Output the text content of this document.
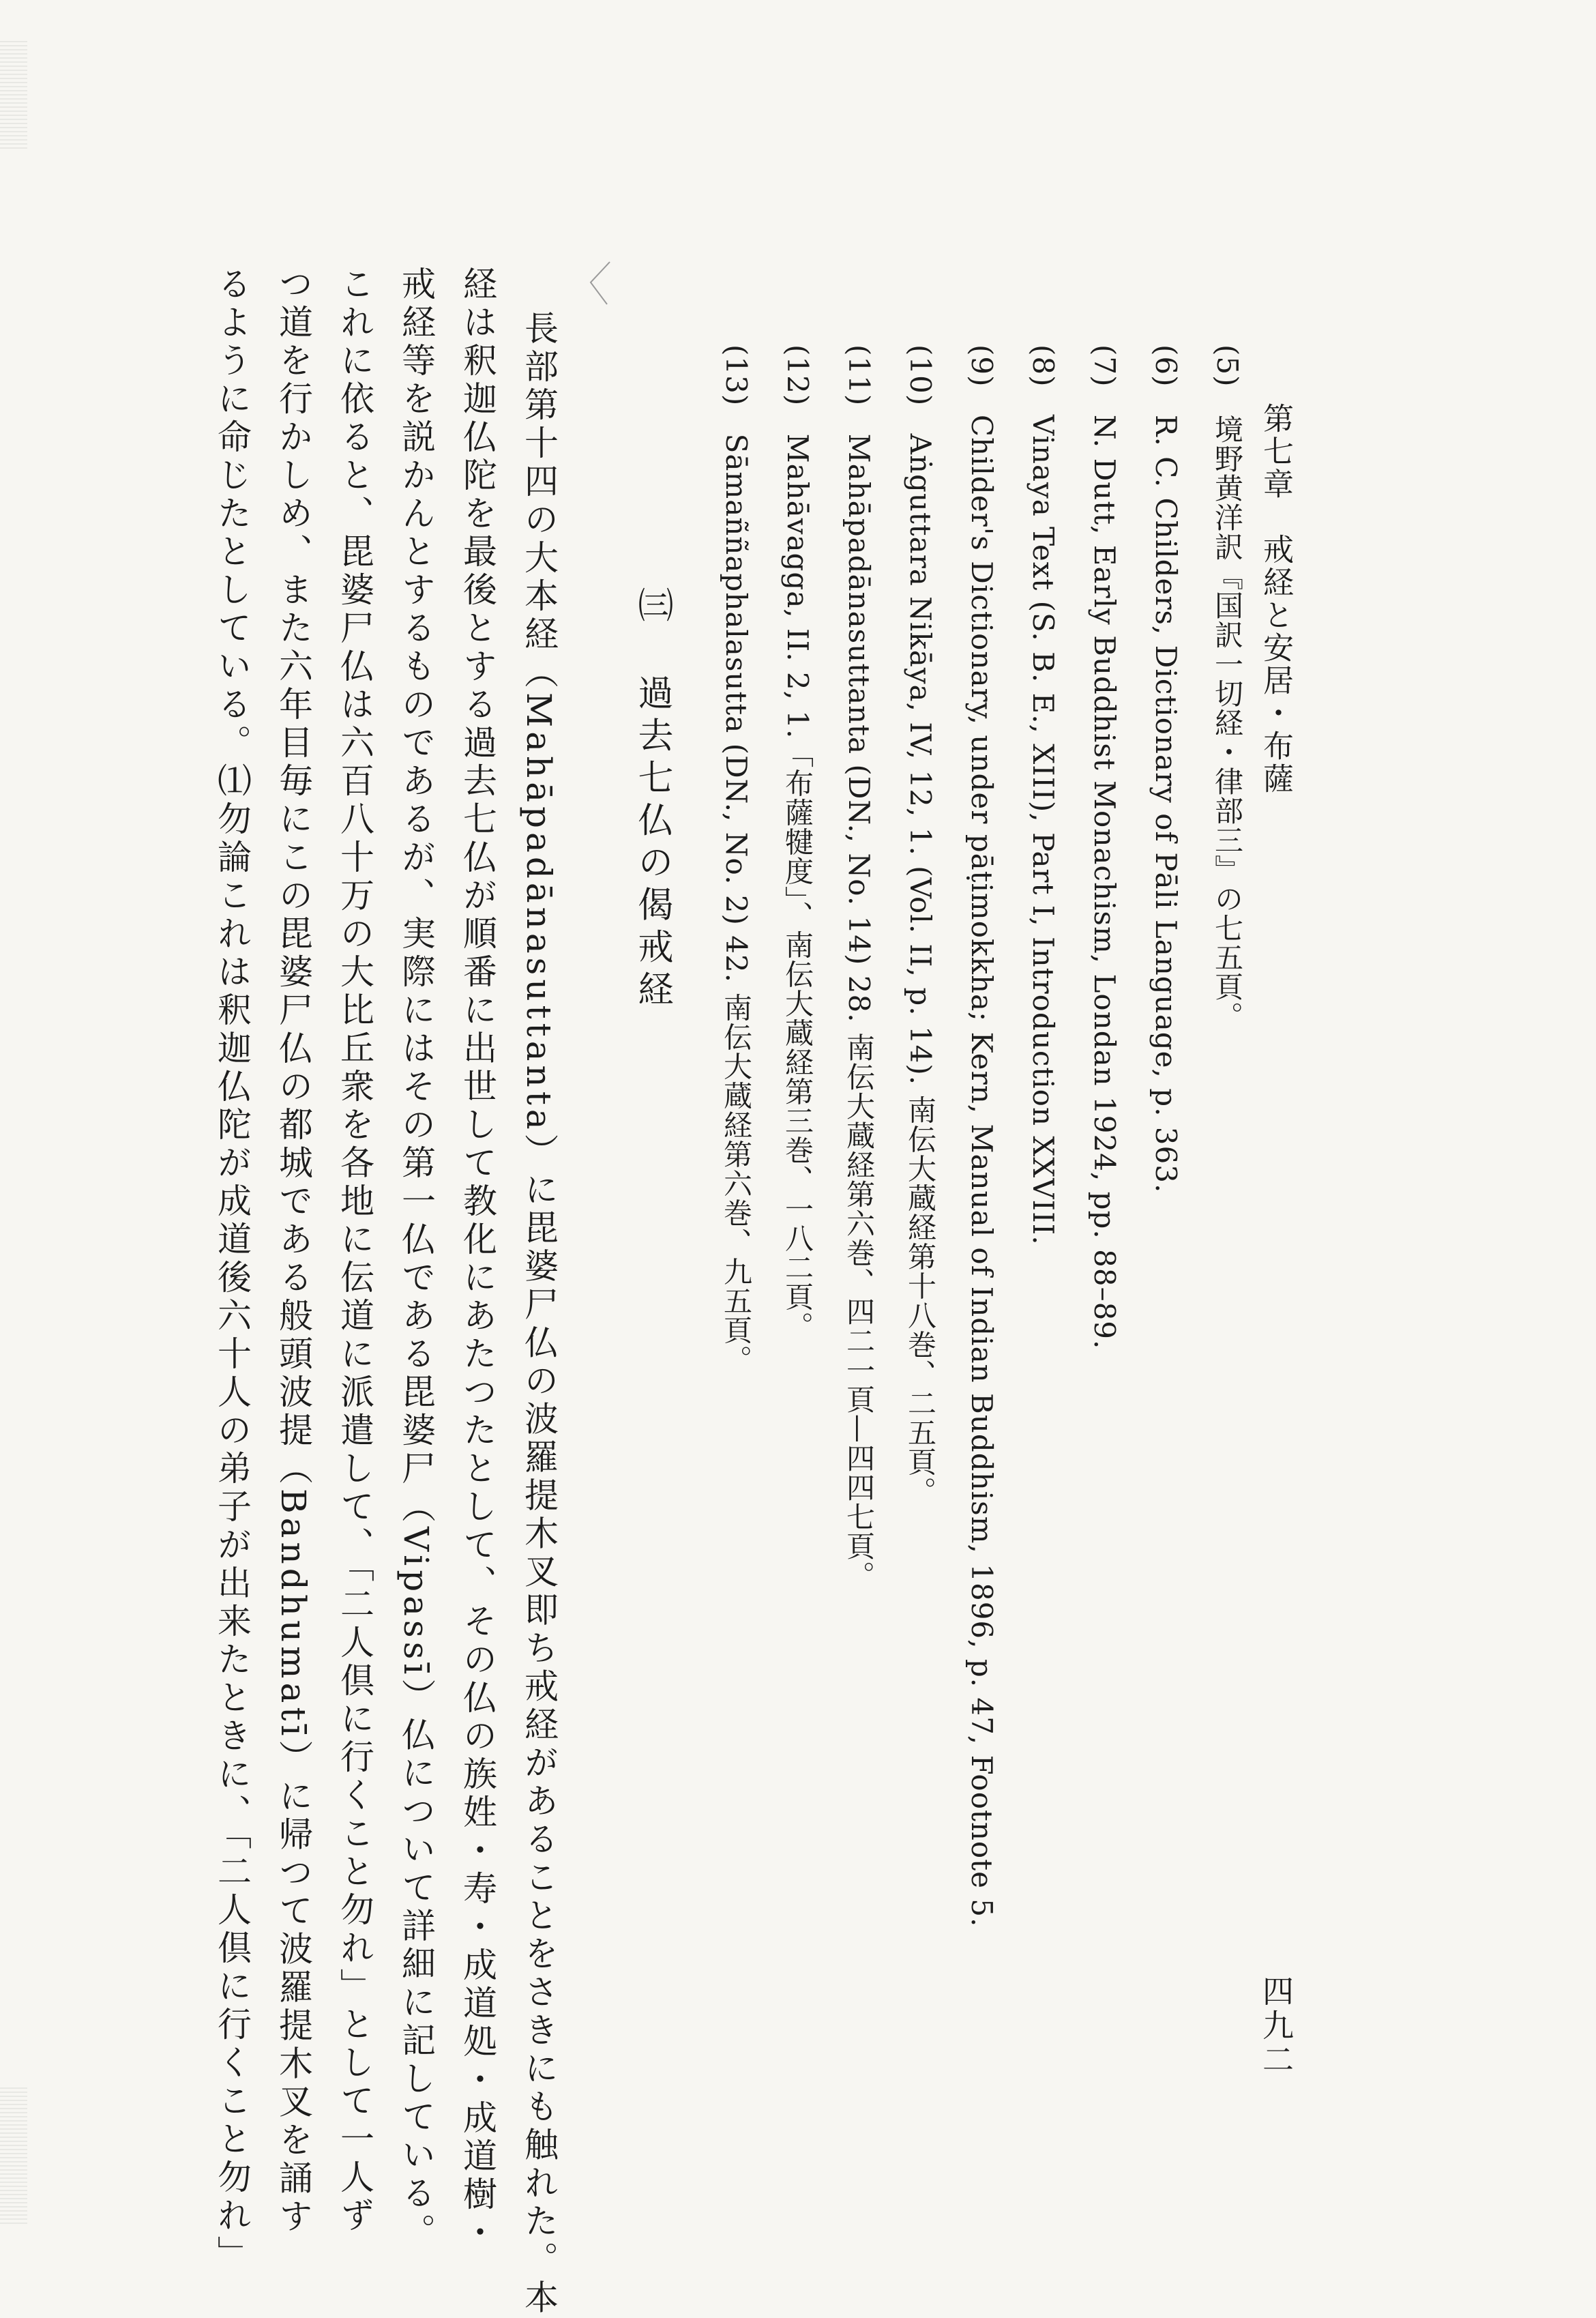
第七章　戒経と安居・布薩
四九二
(5) 境野黄洋訳『国訳一切経・律部三』の七五頁。
(6) R. C. Childers, Dictionary of Pāli Language, p. 363.
(7) N. Dutt, Early Buddhist Monachism, Londan 1924, pp. 88–89.
(8) Vinaya Text (S. B. E., XIII), Part I, Introduction XXVIII.
(9) Childer's Dictionary, under pāṭimokkha; Kern, Manual of Indian Buddhism, 1896, p. 47, Footnote 5.
(10) Aṅguttara Nikāya, IV, 12, 1. (Vol. II, p. 14). 南伝大蔵経第十八巻、二五頁。
(11) Mahāpadānasuttanta (DN., No. 14) 28. 南伝大蔵経第六巻、四二一頁—四四七頁。
(12) Mahāvagga, II. 2, 1.「布薩犍度」、南伝大蔵経第三巻、一八二頁。
(13) Sāmaññaphalasutta (DN., No. 2) 42. 南伝大蔵経第六巻、九五頁。
㈢ 過去七仏の偈戒経
長部第十四の大本経（Mahāpadānasuttanta）に毘婆尸仏の波羅提木叉即ち戒経があることをさきにも触れた。本
経は釈迦仏陀を最後とする過去七仏が順番に出世して教化にあたつたとして、その仏の族姓・寿・成道処・成道樹・
戒経等を説かんとするものであるが、実際にはその第一仏である毘婆尸（Vipassī）仏について詳細に記している。
これに依ると、毘婆尸仏は六百八十万の大比丘衆を各地に伝道に派遣して、「二人倶に行くこと勿れ」として一人ず
つ道を行かしめ、また六年目毎にこの毘婆尸仏の都城である般頭波提（Bandhumatī）に帰つて波羅提木叉を誦す
るように命じたとしている。⑴勿論これは釈迦仏陀が成道後六十人の弟子が出来たときに、「二人倶に行くこと勿れ」
